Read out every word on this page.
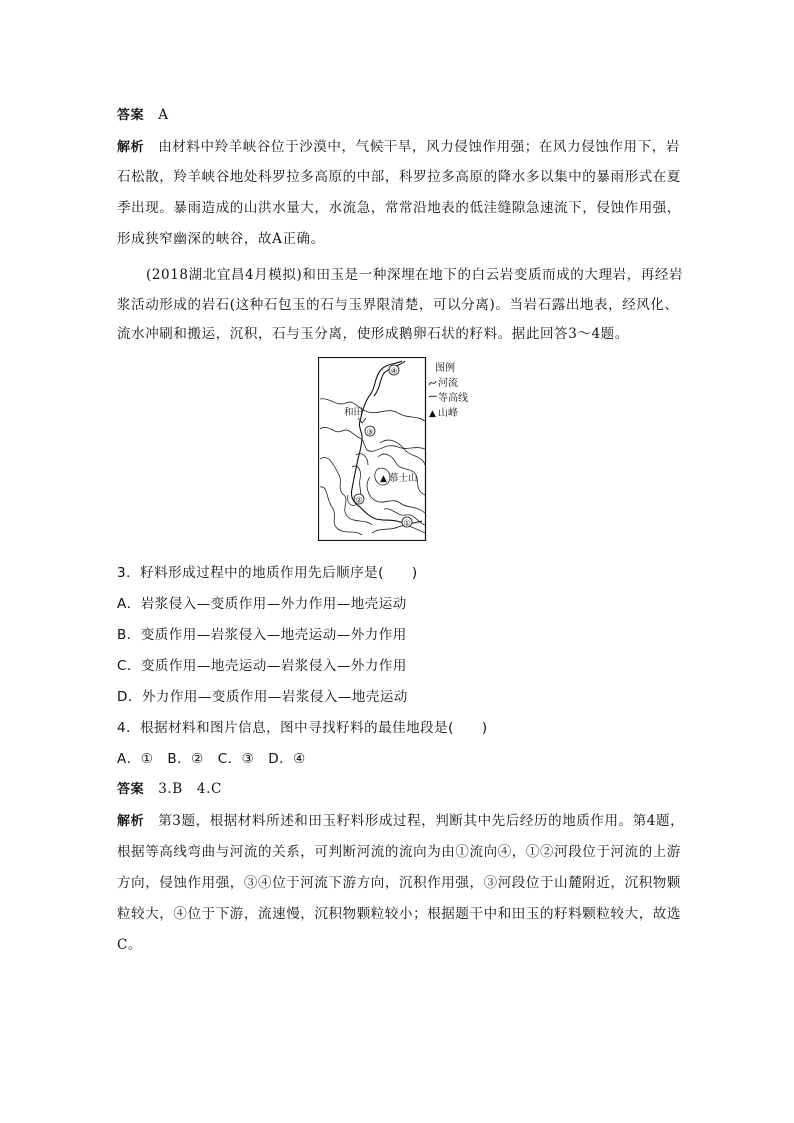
答案 A
解析 由材料中羚羊峡谷位于沙漠中，气候干旱，风力侵蚀作用强；在风力侵蚀作用下，岩
石松散，羚羊峡谷地处科罗拉多高原的中部，科罗拉多高原的降水多以集中的暴雨形式在夏
季出现。暴雨造成的山洪水量大，水流急，常常沿地表的低洼缝隙急速流下，侵蚀作用强，
形成狭窄幽深的峡谷，故A正确。
(2018湖北宜昌4月模拟)和田玉是一种深埋在地下的白云岩变质而成的大理岩，再经岩
浆活动形成的岩石(这种石包玉的石与玉界限清楚，可以分离)。当岩石露出地表，经风化、
流水冲刷和搬运，沉积，石与玉分离，使形成鹅卵石状的籽料。据此回答3～4题。
④
和田
③
▲ 慕士山
②
①
图例
河流
等高线
▲ 山峰
3．籽料形成过程中的地质作用先后顺序是(　　)
A．岩浆侵入—变质作用—外力作用—地壳运动
B．变质作用—岩浆侵入—地壳运动—外力作用
C．变质作用—地壳运动—岩浆侵入—外力作用
D．外力作用—变质作用—岩浆侵入—地壳运动
4．根据材料和图片信息，图中寻找籽料的最佳地段是(　　)
A．①　B．②　C．③　D．④
答案 3.B　4.C
解析 第3题，根据材料所述和田玉籽料形成过程，判断其中先后经历的地质作用。第4题，
根据等高线弯曲与河流的关系，可判断河流的流向为由①流向④，①②河段位于河流的上游
方向，侵蚀作用强，③④位于河流下游方向，沉积作用强，③河段位于山麓附近，沉积物颗
粒较大，④位于下游，流速慢，沉积物颗粒较小；根据题干中和田玉的籽料颗粒较大，故选
C。
